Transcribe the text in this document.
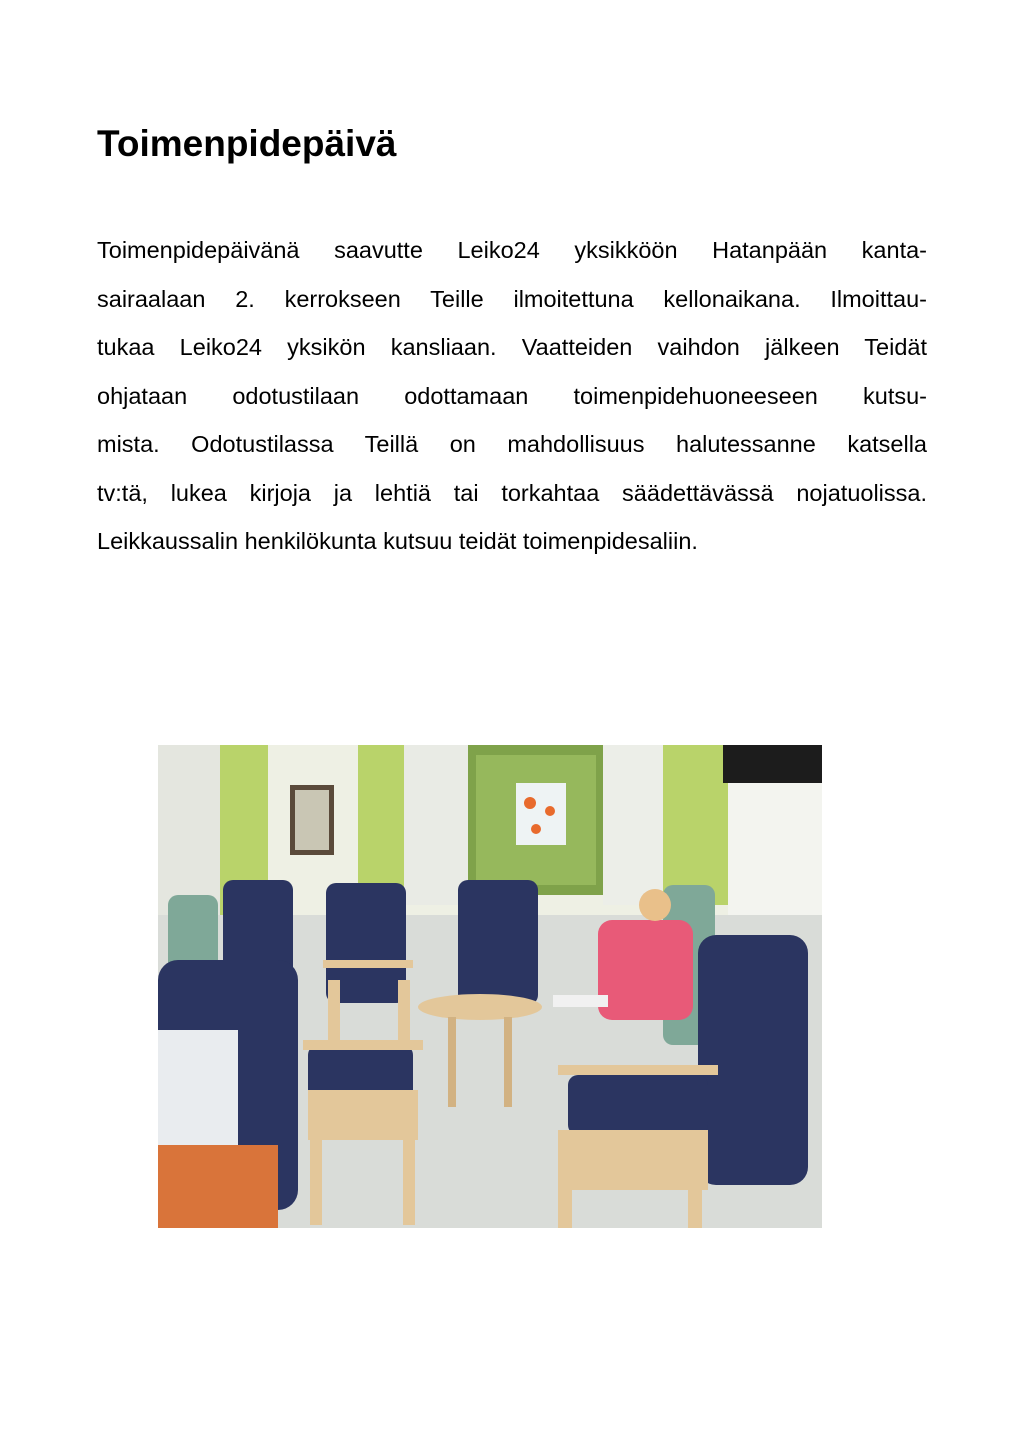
Toimenpidepäivä
Toimenpidepäivänä saavutte Leiko24 yksikköön Hatanpään kanta-
sairaalaan 2. kerrokseen Teille ilmoitettuna kellonaikana. Ilmoittau-
tukaa Leiko24 yksikön kansliaan. Vaatteiden vaihdon jälkeen Teidät
ohjataan odotustilaan odottamaan toimenpidehuoneeseen kutsu-
mista. Odotustilassa Teillä on mahdollisuus halutessanne katsella
tv:tä, lukea kirjoja ja lehtiä tai torkahtaa säädettävässä nojatuolissa.
Leikkaussalin henkilökunta kutsuu teidät toimenpidesaliin.
